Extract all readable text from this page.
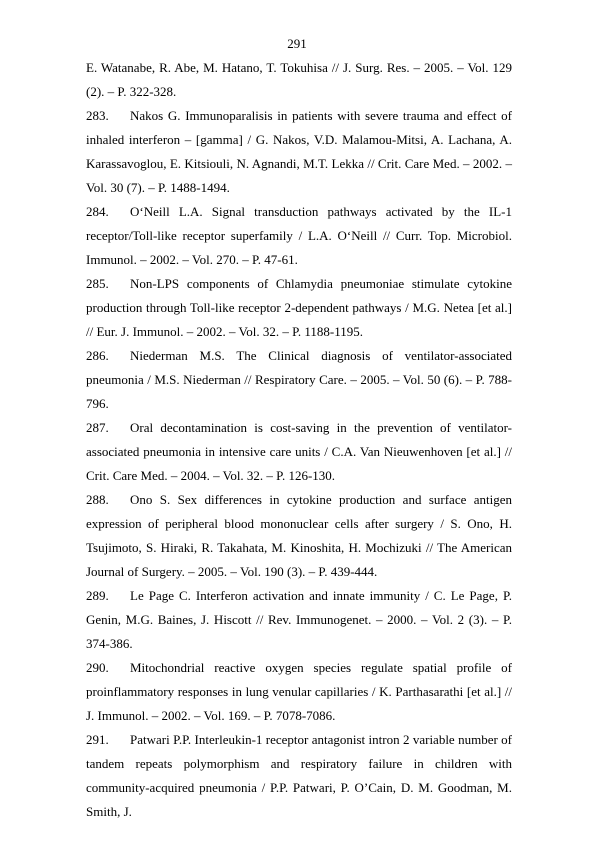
291

E. Watanabe, R. Abe, M. Hatano, T. Tokuhisa // J. Surg. Res. – 2005. – Vol. 129 (2). – P. 322-328.

283. Nakos G. Immunoparalisis in patients with severe trauma and effect of inhaled interferon – [gamma] / G. Nakos, V.D. Malamou-Mitsi, A. Lachana, A. Karassavoglou, E. Kitsiouli, N. Agnandi, M.T. Lekka // Crit. Care Med. – 2002. – Vol. 30 (7). – P. 1488-1494.

284. O‘Neill L.A. Signal transduction pathways activated by the IL-1 receptor/Toll-like receptor superfamily / L.A. O‘Neill // Curr. Top. Microbiol. Immunol. – 2002. – Vol. 270. – P. 47-61.

285. Non-LPS components of Chlamydia pneumoniae stimulate cytokine production through Toll-like receptor 2-dependent pathways / M.G. Netea [et al.] // Eur. J. Immunol. – 2002. – Vol. 32. – P. 1188-1195.

286. Niederman M.S. The Clinical diagnosis of ventilator-associated pneumonia / M.S. Niederman // Respiratory Care. – 2005. – Vol. 50 (6). – P. 788-796.

287. Oral decontamination is cost-saving in the prevention of ventilator-associated pneumonia in intensive care units / C.A. Van Nieuwenhoven [et al.] // Crit. Care Med. – 2004. – Vol. 32. – P. 126-130.

288. Ono S. Sex differences in cytokine production and surface antigen expression of peripheral blood mononuclear cells after surgery / S. Ono, H. Tsujimoto, S. Hiraki, R. Takahata, M. Kinoshita, H. Mochizuki // The American Journal of Surgery. – 2005. – Vol. 190 (3). – P. 439-444.

289. Le Page C. Interferon activation and innate immunity / C. Le Page, P. Genin, M.G. Baines, J. Hiscott // Rev. Immunogenet. – 2000. – Vol. 2 (3). – P. 374-386.

290. Mitochondrial reactive oxygen species regulate spatial profile of proinflammatory responses in lung venular capillaries / K. Parthasarathi [et al.] // J. Immunol. – 2002. – Vol. 169. – P. 7078-7086.

291. Patwari P.P. Interleukin-1 receptor antagonist intron 2 variable number of tandem repeats polymorphism and respiratory failure in children with community-acquired pneumonia / P.P. Patwari, P. O’Cain, D. M. Goodman, M. Smith, J.
